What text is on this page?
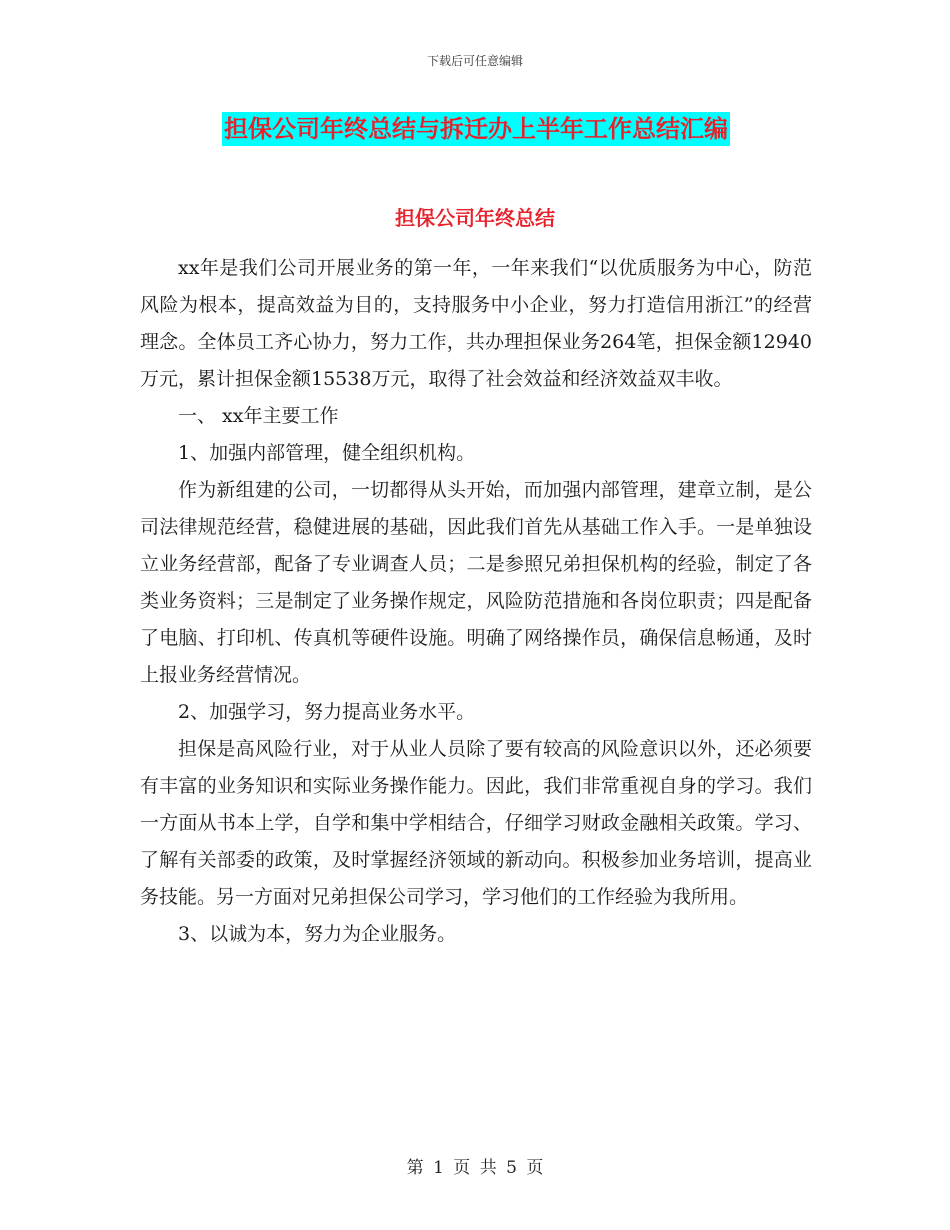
下载后可任意编辑
担保公司年终总结与拆迁办上半年工作总结汇编
担保公司年终总结

xx年是我们公司开展业务的第一年，一年来我们“以优质服务为中心，防范风险为根本，提高效益为目的，支持服务中小企业，努力打造信用浙江”的经营理念。全体员工齐心协力，努力工作，共办理担保业务264笔，担保金额12940万元，累计担保金额15538万元，取得了社会效益和经济效益双丰收。

一、 xx年主要工作

1、加强内部管理，健全组织机构。

作为新组建的公司，一切都得从头开始，而加强内部管理，建章立制，是公司法律规范经营，稳健进展的基础，因此我们首先从基础工作入手。一是单独设立业务经营部，配备了专业调查人员；二是参照兄弟担保机构的经验，制定了各类业务资料；三是制定了业务操作规定，风险防范措施和各岗位职责；四是配备了电脑、打印机、传真机等硬件设施。明确了网络操作员，确保信息畅通，及时上报业务经营情况。

2、加强学习，努力提高业务水平。

担保是高风险行业，对于从业人员除了要有较高的风险意识以外，还必须要有丰富的业务知识和实际业务操作能力。因此，我们非常重视自身的学习。我们一方面从书本上学，自学和集中学相结合，仔细学习财政金融相关政策。学习、了解有关部委的政策，及时掌握经济领域的新动向。积极参加业务培训，提高业务技能。另一方面对兄弟担保公司学习，学习他们的工作经验为我所用。

3、以诚为本，努力为企业服务。

第 1 页 共 5 页
